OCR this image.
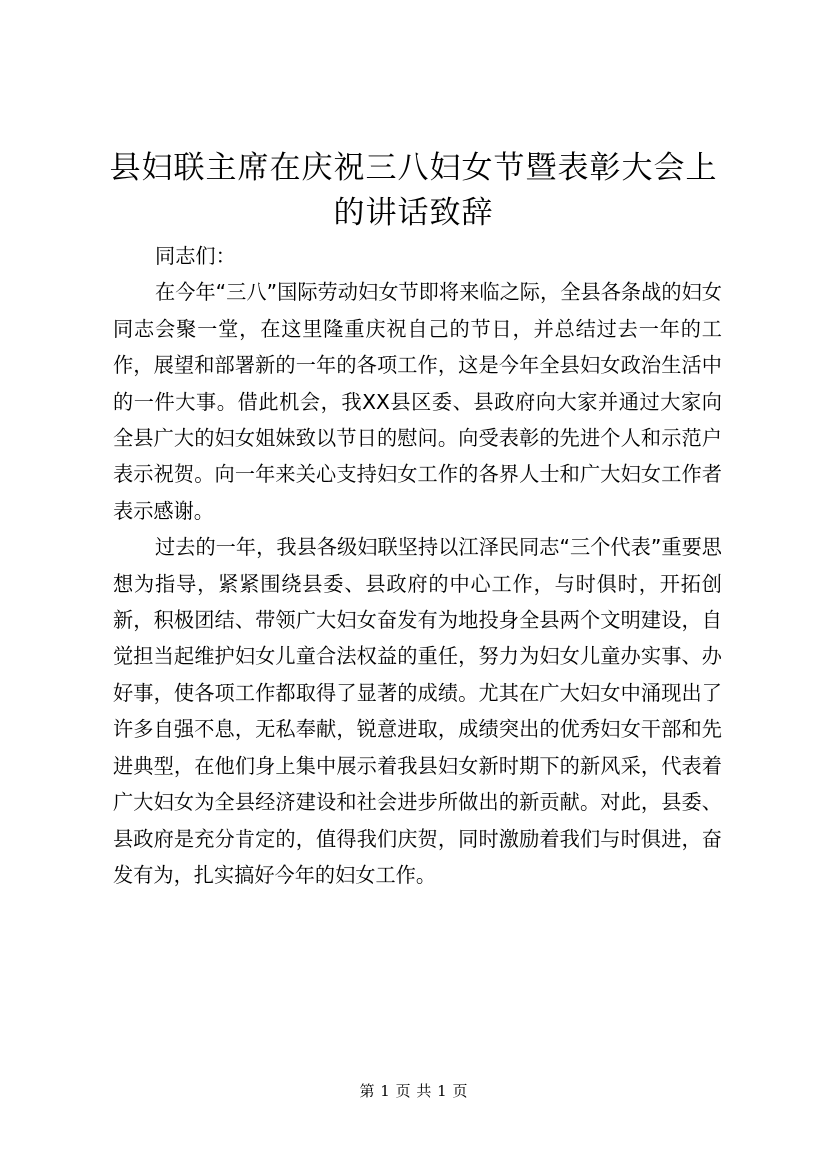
县妇联主席在庆祝三八妇女节暨表彰大会上的讲话致辞

同志们：

在今年“三八”国际劳动妇女节即将来临之际，全县各条战的妇女同志会聚一堂，在这里隆重庆祝自己的节日，并总结过去一年的工作，展望和部署新的一年的各项工作，这是今年全县妇女政治生活中的一件大事。借此机会，我XX县区委、县政府向大家并通过大家向全县广大的妇女姐妹致以节日的慰问。向受表彰的先进个人和示范户表示祝贺。向一年来关心支持妇女工作的各界人士和广大妇女工作者表示感谢。

过去的一年，我县各级妇联坚持以江泽民同志“三个代表”重要思想为指导，紧紧围绕县委、县政府的中心工作，与时俱时，开拓创新，积极团结、带领广大妇女奋发有为地投身全县两个文明建设，自觉担当起维护妇女儿童合法权益的重任，努力为妇女儿童办实事、办好事，使各项工作都取得了显著的成绩。尤其在广大妇女中涌现出了许多自强不息，无私奉献，锐意进取，成绩突出的优秀妇女干部和先进典型，在他们身上集中展示着我县妇女新时期下的新风采，代表着广大妇女为全县经济建设和社会进步所做出的新贡献。对此，县委、县政府是充分肯定的，值得我们庆贺，同时激励着我们与时俱进，奋发有为，扎实搞好今年的妇女工作。

第 1 页 共 1 页
